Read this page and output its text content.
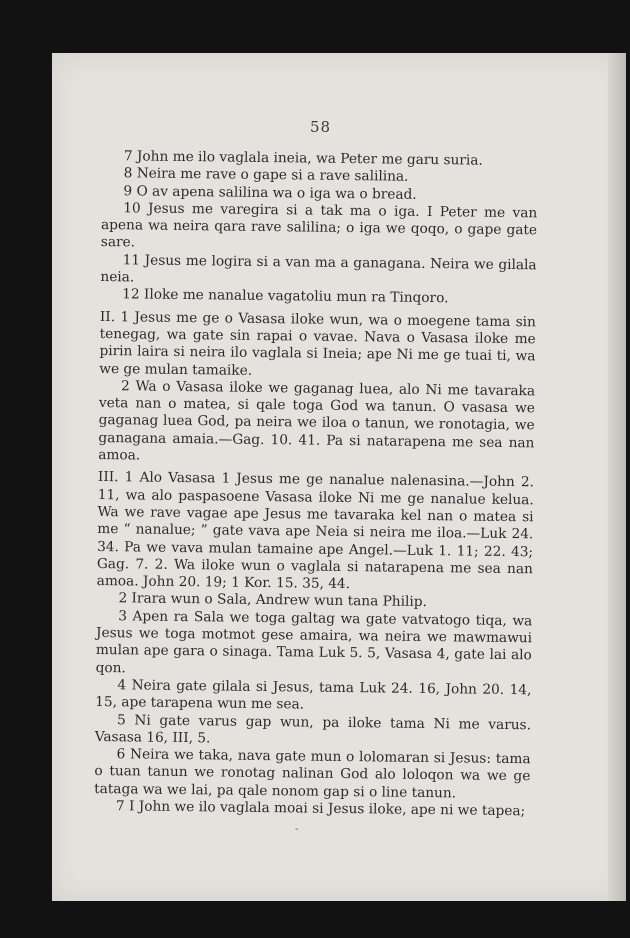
58

7 John me ilo vaglala ineia, wa Peter me garu suria.

8 Neira me rave o gape si a rave salilina.

9 O av apena salilina wa o iga wa o bread.

10 Jesus me varegira si a tak ma o iga. I Peter me van apena wa neira qara rave salilina; o iga we qoqo, o gape gate sare.

11 Jesus me logira si a van ma a ganagana. Neira we gilala neia.

12 Iloke me nanalue vagatoliu mun ra Tinqoro.

II. 1 Jesus me ge o Vasasa iloke wun, wa o moegene tama sin tenegag, wa gate sin rapai o vavae. Nava o Vasasa iloke me pirin laira si neira ilo vaglala si Ineia; ape Ni me ge tuai ti, wa we ge mulan tamaike.

2 Wa o Vasasa iloke we gaganag luea, alo Ni me tavaraka veta nan o matea, si qale toga God wa tanun. O vasasa we gaganag luea God, pa neira we iloa o tanun, we ronotagia, we ganagana amaia.—Gag. 10. 41. Pa si natarapena me sea nan amoa.

III. 1 Alo Vasasa 1 Jesus me ge nanalue nalenasina.—John 2. 11, wa alo paspasoene Vasasa iloke Ni me ge nanalue kelua. Wa we rave vagae ape Jesus me tavaraka kel nan o matea si me “ nanalue; ” gate vava ape Neia si neira me iloa.—Luk 24. 34. Pa we vava mulan tamaine ape Angel.—Luk 1. 11; 22. 43; Gag. 7. 2. Wa iloke wun o vaglala si natarapena me sea nan amoa. John 20. 19; 1 Kor. 15. 35, 44.

2 Irara wun o Sala, Andrew wun tana Philip.

3 Apen ra Sala we toga galtag wa gate vatvatogo tiqa, wa Jesus we toga motmot gese amaira, wa neira we mawmawui mulan ape gara o sinaga. Tama Luk 5. 5, Vasasa 4, gate lai alo qon.

4 Neira gate gilala si Jesus, tama Luk 24. 16, John 20. 14, 15, ape tarapena wun me sea.

5 Ni gate varus gap wun, pa iloke tama Ni me varus. Vasasa 16, III, 5.

6 Neira we taka, nava gate mun o lolomaran si Jesus: tama o tuan tanun we ronotag nalinan God alo loloqon wa we ge tataga wa we lai, pa qale nonom gap si o line tanun.

7 I John we ilo vaglala moai si Jesus iloke, ape ni we tapea;

-
